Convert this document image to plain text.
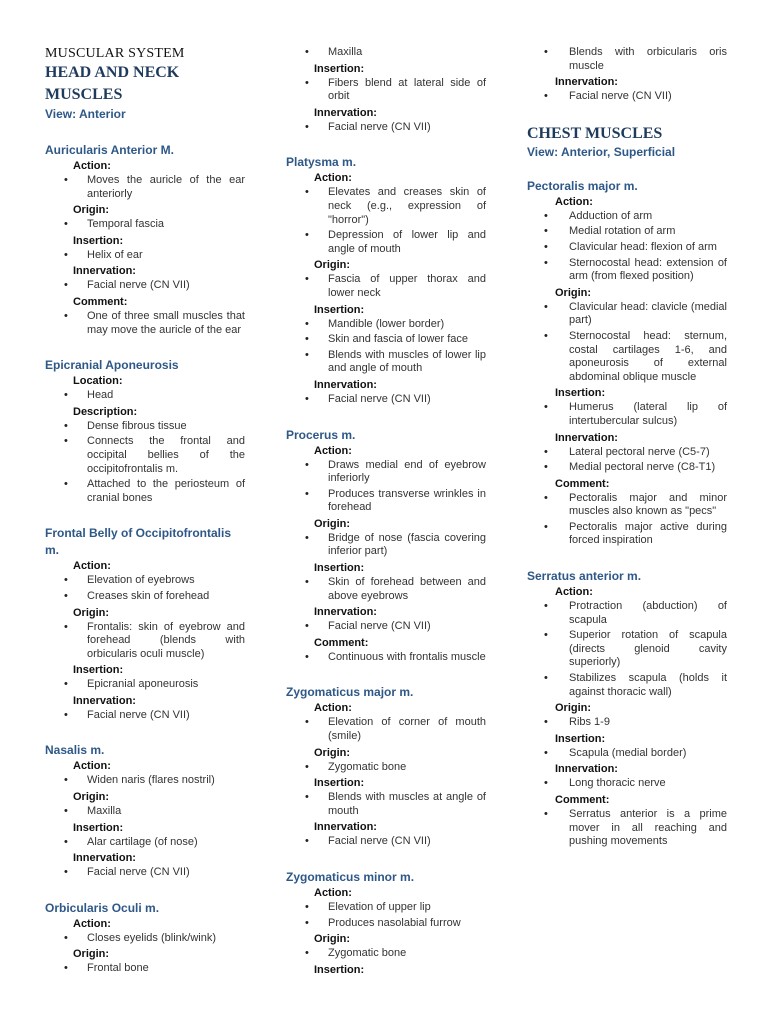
MUSCULAR SYSTEM
HEAD AND NECK MUSCLES
View: Anterior
Auricularis Anterior M.
Action:
• Moves the auricle of the ear anteriorly
Origin:
• Temporal fascia
Insertion:
• Helix of ear
Innervation:
• Facial nerve (CN VII)
Comment:
• One of three small muscles that may move the auricle of the ear
Epicranial Aponeurosis
Location:
• Head
Description:
• Dense fibrous tissue
• Connects the frontal and occipital bellies of the occipitofrontalis m.
• Attached to the periosteum of cranial bones
Frontal Belly of Occipitofrontalis m.
Action:
• Elevation of eyebrows
• Creases skin of forehead
Origin:
• Frontalis: skin of eyebrow and forehead (blends with orbicularis oculi muscle)
Insertion:
• Epicranial aponeurosis
Innervation:
• Facial nerve (CN VII)
Nasalis m.
Action:
• Widen naris (flares nostril)
Origin:
• Maxilla
Insertion:
• Alar cartilage (of nose)
Innervation:
• Facial nerve (CN VII)
Orbicularis Oculi m.
Action:
• Closes eyelids (blink/wink)
Origin:
• Frontal bone
• Maxilla
Insertion:
• Fibers blend at lateral side of orbit
Innervation:
• Facial nerve (CN VII)
Platysma m.
Action:
• Elevates and creases skin of neck (e.g., expression of "horror")
• Depression of lower lip and angle of mouth
Origin:
• Fascia of upper thorax and lower neck
Insertion:
• Mandible (lower border)
• Skin and fascia of lower face
• Blends with muscles of lower lip and angle of mouth
Innervation:
• Facial nerve (CN VII)
Procerus m.
Action:
• Draws medial end of eyebrow inferiorly
• Produces transverse wrinkles in forehead
Origin:
• Bridge of nose (fascia covering inferior part)
Insertion:
• Skin of forehead between and above eyebrows
Innervation:
• Facial nerve (CN VII)
Comment:
• Continuous with frontalis muscle
Zygomaticus major m.
Action:
• Elevation of corner of mouth (smile)
Origin:
• Zygomatic bone
Insertion:
• Blends with muscles at angle of mouth
Innervation:
• Facial nerve (CN VII)
Zygomaticus minor m.
Action:
• Elevation of upper lip
• Produces nasolabial furrow
Origin:
• Zygomatic bone
Insertion:
• Blends with orbicularis oris muscle
Innervation:
• Facial nerve (CN VII)
CHEST MUSCLES
View: Anterior, Superficial
Pectoralis major m.
Action:
• Adduction of arm
• Medial rotation of arm
• Clavicular head: flexion of arm
• Sternocostal head: extension of arm (from flexed position)
Origin:
• Clavicular head: clavicle (medial part)
• Sternocostal head: sternum, costal cartilages 1-6, and aponeurosis of external abdominal oblique muscle
Insertion:
• Humerus (lateral lip of intertubercular sulcus)
Innervation:
• Lateral pectoral nerve (C5-7)
• Medial pectoral nerve (C8-T1)
Comment:
• Pectoralis major and minor muscles also known as "pecs"
• Pectoralis major active during forced inspiration
Serratus anterior m.
Action:
• Protraction (abduction) of scapula
• Superior rotation of scapula (directs glenoid cavity superiorly)
• Stabilizes scapula (holds it against thoracic wall)
Origin:
• Ribs 1-9
Insertion:
• Scapula (medial border)
Innervation:
• Long thoracic nerve
Comment:
• Serratus anterior is a prime mover in all reaching and pushing movements
